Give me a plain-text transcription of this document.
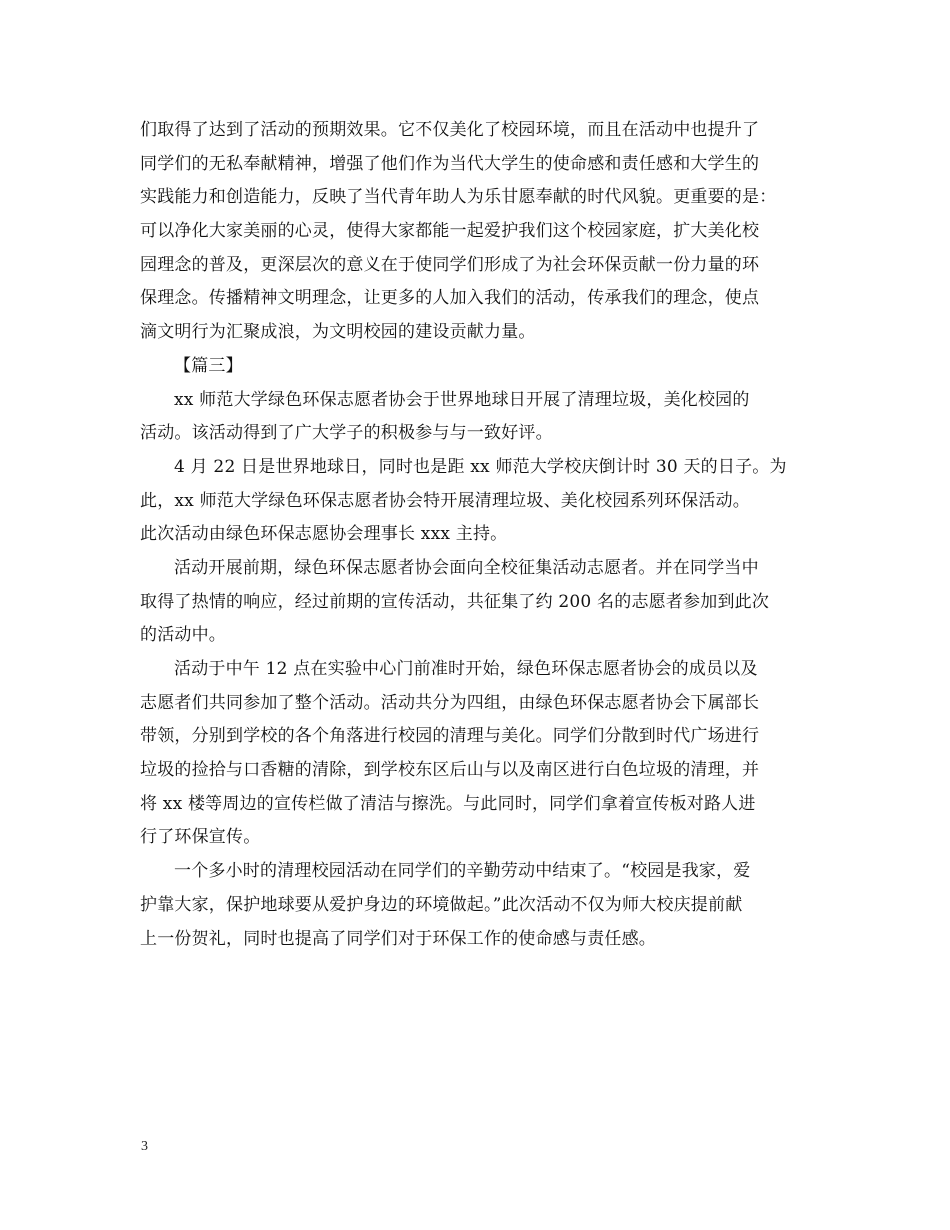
们取得了达到了活动的预期效果。它不仅美化了校园环境，而且在活动中也提升了
同学们的无私奉献精神，增强了他们作为当代大学生的使命感和责任感和大学生的
实践能力和创造能力，反映了当代青年助人为乐甘愿奉献的时代风貌。更重要的是：
可以净化大家美丽的心灵，使得大家都能一起爱护我们这个校园家庭，扩大美化校
园理念的普及，更深层次的意义在于使同学们形成了为社会环保贡献一份力量的环
保理念。传播精神文明理念，让更多的人加入我们的活动，传承我们的理念，使点
滴文明行为汇聚成浪，为文明校园的建设贡献力量。
【篇三】
xx 师范大学绿色环保志愿者协会于世界地球日开展了清理垃圾，美化校园的
活动。该活动得到了广大学子的积极参与与一致好评。
4 月 22 日是世界地球日，同时也是距 xx 师范大学校庆倒计时 30 天的日子。为
此，xx 师范大学绿色环保志愿者协会特开展清理垃圾、美化校园系列环保活动。
此次活动由绿色环保志愿协会理事长 xxx 主持。
活动开展前期，绿色环保志愿者协会面向全校征集活动志愿者。并在同学当中
取得了热情的响应，经过前期的宣传活动，共征集了约 200 名的志愿者参加到此次
的活动中。
活动于中午 12 点在实验中心门前准时开始，绿色环保志愿者协会的成员以及
志愿者们共同参加了整个活动。活动共分为四组，由绿色环保志愿者协会下属部长
带领，分别到学校的各个角落进行校园的清理与美化。同学们分散到时代广场进行
垃圾的捡拾与口香糖的清除，到学校东区后山与以及南区进行白色垃圾的清理，并
将 xx 楼等周边的宣传栏做了清洁与擦洗。与此同时，同学们拿着宣传板对路人进
行了环保宣传。
一个多小时的清理校园活动在同学们的辛勤劳动中结束了。“校园是我家，爱
护靠大家，保护地球要从爱护身边的环境做起。”此次活动不仅为师大校庆提前献
上一份贺礼，同时也提高了同学们对于环保工作的使命感与责任感。
3
